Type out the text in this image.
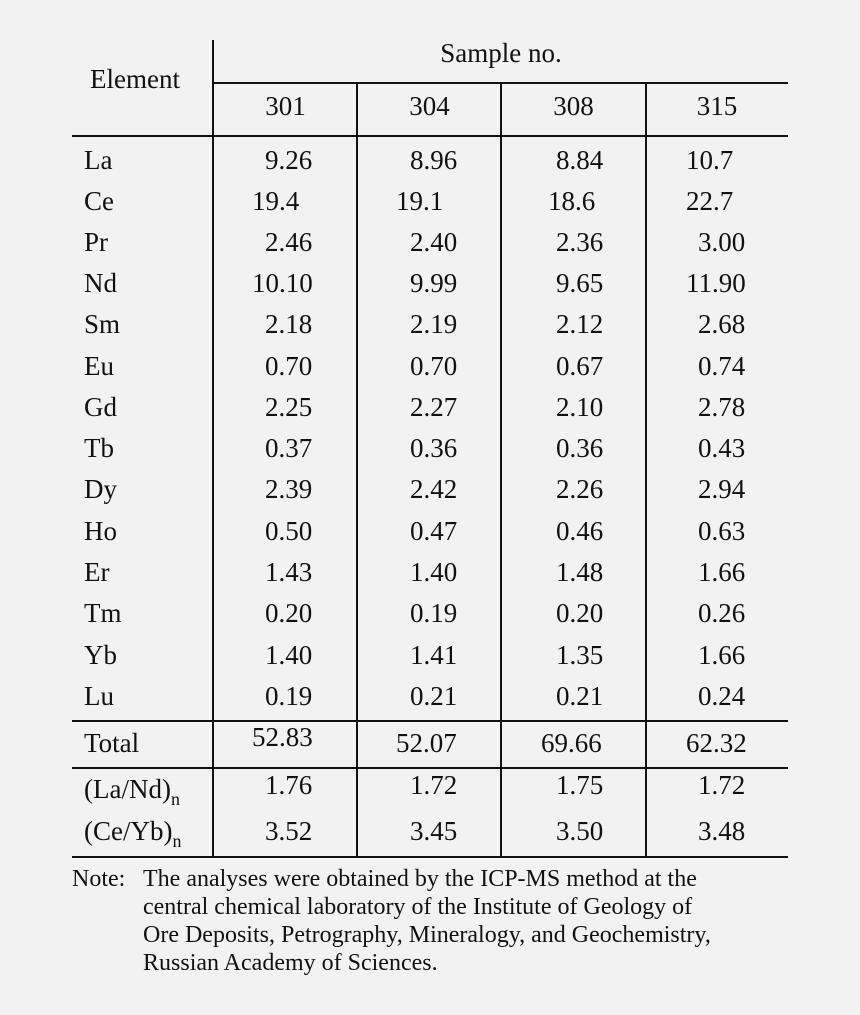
Element
Sample no.
301	304	308	315
La	9.26	8.96	8.84	10.7
Ce	19.4	19.1	18.6	22.7
Pr	2.46	2.40	2.36	3.00
Nd	10.10	9.99	9.65	11.90
Sm	2.18	2.19	2.12	2.68
Eu	0.70	0.70	0.67	0.74
Gd	2.25	2.27	2.10	2.78
Tb	0.37	0.36	0.36	0.43
Dy	2.39	2.42	2.26	2.94
Ho	0.50	0.47	0.46	0.63
Er	1.43	1.40	1.48	1.66
Tm	0.20	0.19	0.20	0.26
Yb	1.40	1.41	1.35	1.66
Lu	0.19	0.21	0.21	0.24
Total	52.83	52.07	69.66	62.32
$(La/Nd)_n$	1.76	1.72	1.75	1.72
$(Ce/Yb)_n$	3.52	3.45	3.50	3.48
Note: The analyses were obtained by the ICP-MS method at the
central chemical laboratory of the Institute of Geology of
Ore Deposits, Petrography, Mineralogy, and Geochemistry,
Russian Academy of Sciences.
